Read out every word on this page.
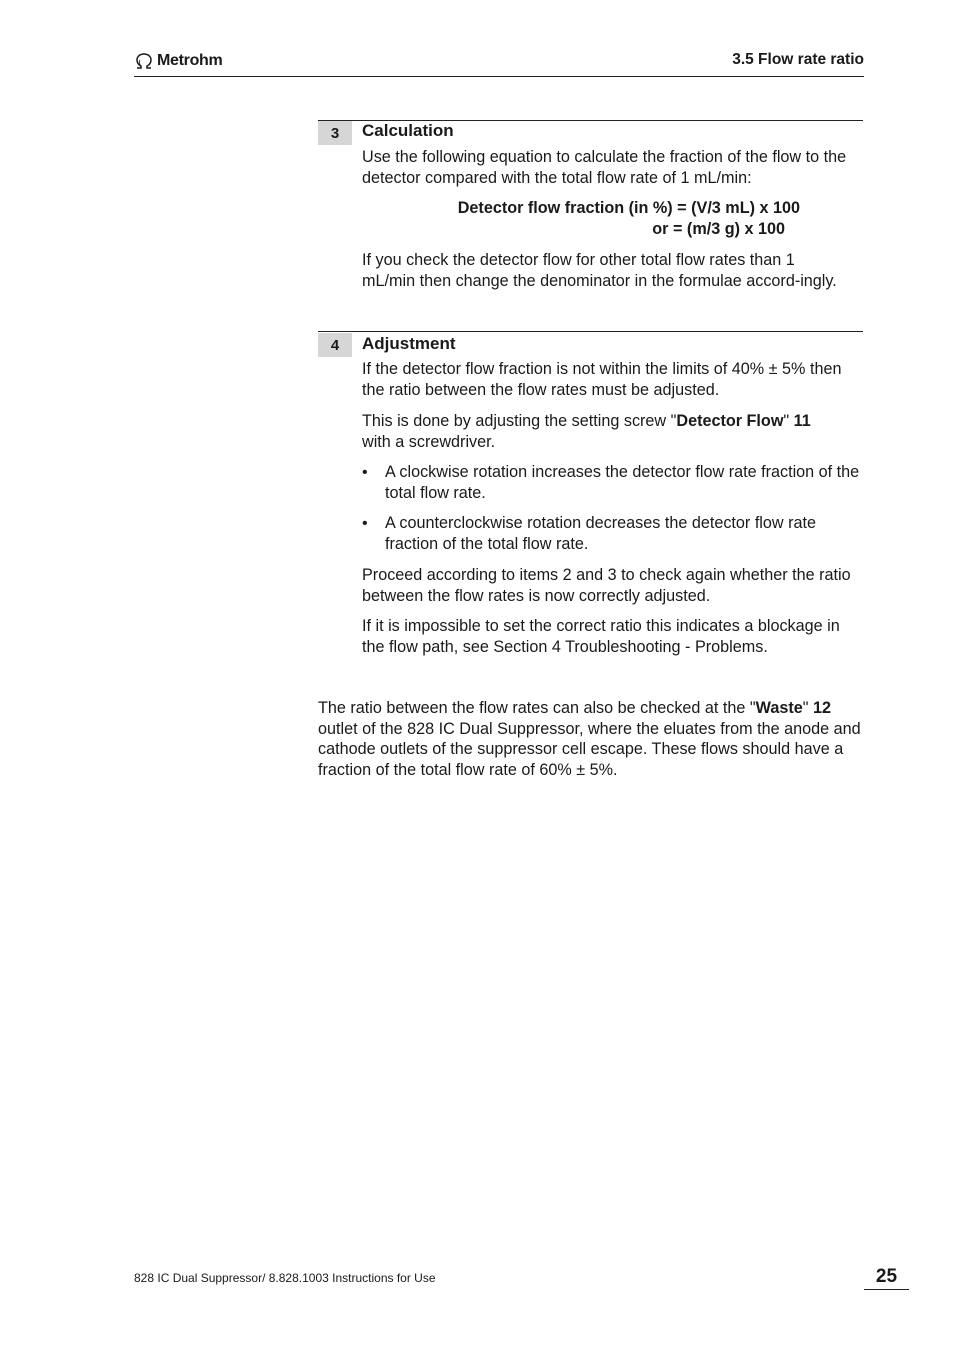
Metrohm	3.5 Flow rate ratio
3	Calculation

Use the following equation to calculate the fraction of the flow to the detector compared with the total flow rate of 1 mL/min:

Detector flow fraction (in %) = (V/3 mL) x 100
or = (m/3 g) x 100

If you check the detector flow for other total flow rates than 1 mL/min then change the denominator in the formulae accord-ingly.

4	Adjustment

If the detector flow fraction is not within the limits of 40% ± 5% then the ratio between the flow rates must be adjusted.

This is done by adjusting the setting screw "Detector Flow" 11
with a screwdriver.

• A clockwise rotation increases the detector flow rate fraction of the total flow rate.

• A counterclockwise rotation decreases the detector flow rate fraction of the total flow rate.

Proceed according to items 2 and 3 to check again whether the ratio between the flow rates is now correctly adjusted.

If it is impossible to set the correct ratio this indicates a blockage in the flow path, see Section 4 Troubleshooting - Problems.

The ratio between the flow rates can also be checked at the "Waste" 12 outlet of the 828 IC Dual Suppressor, where the eluates from the anode and cathode outlets of the suppressor cell escape. These flows should have a fraction of the total flow rate of 60% ± 5%.

828 IC Dual Suppressor/ 8.828.1003 Instructions for Use	25
